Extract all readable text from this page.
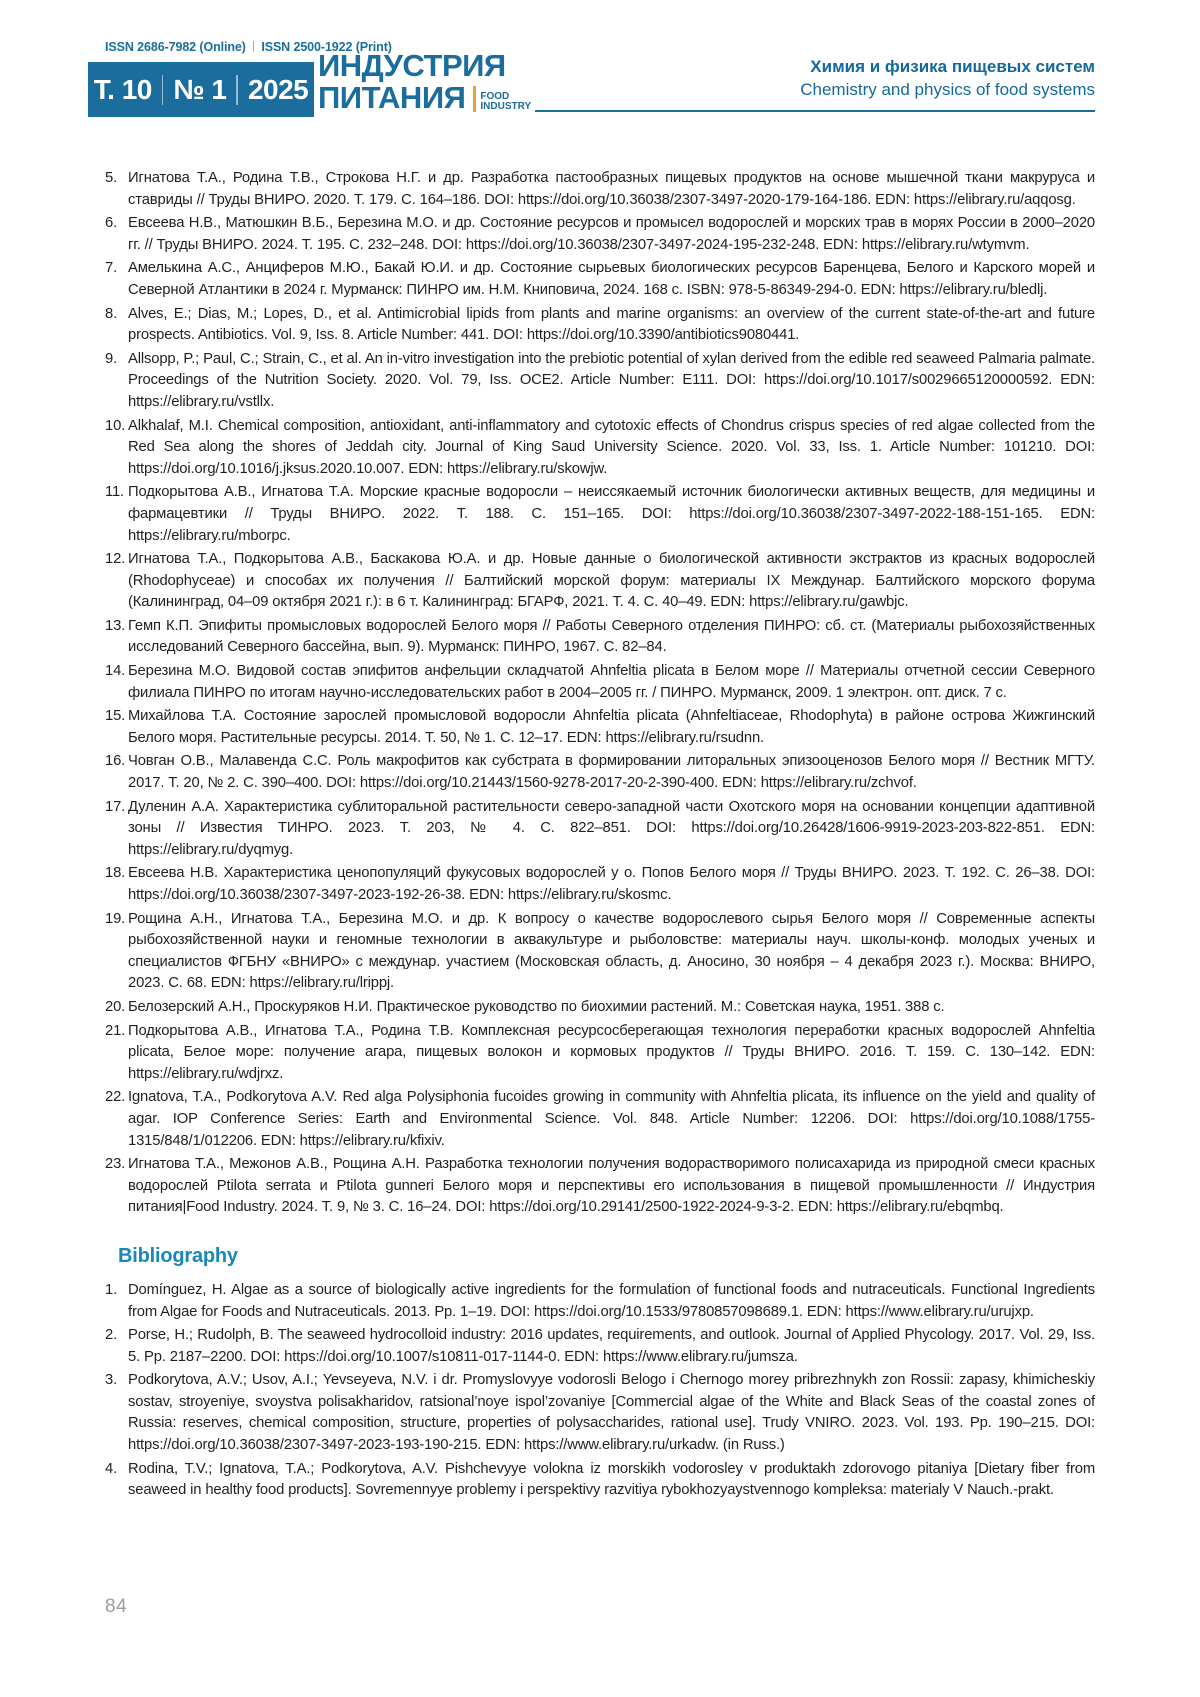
ISSN 2686-7982 (Online) ISSN 2500-1922 (Print)
Т. 10 № 1 2025
ИНДУСТРИЯ
ПИТАНИЯ FOOD
INDUSTRY
Химия и физика пищевых систем
Chemistry and physics of food systems
5. Игнатова Т.А., Родина Т.В., Строкова Н.Г. и др. Разработка пастообразных пищевых продуктов на основе мышечной ткани макруруса и ставриды // Труды ВНИРО. 2020. Т. 179. С. 164–186. DOI: https://doi.org/10.36038/2307-3497-2020-179-164-186. EDN: https://elibrary.ru/aqqosg.
6. Евсеева Н.В., Матюшкин В.Б., Березина М.О. и др. Состояние ресурсов и промысел водорослей и морских трав в морях России в 2000–2020 гг. // Труды ВНИРО. 2024. Т. 195. С. 232–248. DOI: https://doi.org/10.36038/2307-3497-2024-195-232-248. EDN: https://elibrary.ru/wtymvm.
7. Амелькина А.С., Анциферов М.Ю., Бакай Ю.И. и др. Состояние сырьевых биологических ресурсов Баренцева, Белого и Карского морей и Северной Атлантики в 2024 г. Мурманск: ПИНРО им. Н.М. Книповича, 2024. 168 с. ISBN: 978-5-86349-294-0. EDN: https://elibrary.ru/bledlj.
8. Alves, E.; Dias, M.; Lopes, D., et al. Antimicrobial lipids from plants and marine organisms: an overview of the current state-of-the-art and future prospects. Antibiotics. Vol. 9, Iss. 8. Article Number: 441. DOI: https://doi.org/10.3390/antibiotics9080441.
9. Allsopp, P.; Paul, C.; Strain, C., et al. An in-vitro investigation into the prebiotic potential of xylan derived from the edible red seaweed Palmaria palmate. Proceedings of the Nutrition Society. 2020. Vol. 79, Iss. OCE2. Article Number: E111. DOI: https://doi.org/10.1017/s0029665120000592. EDN: https://elibrary.ru/vstllx.
10. Alkhalaf, M.I. Chemical composition, antioxidant, anti-inflammatory and cytotoxic effects of Chondrus crispus species of red algae collected from the Red Sea along the shores of Jeddah city. Journal of King Saud University Science. 2020. Vol. 33, Iss. 1. Article Number: 101210. DOI: https://doi.org/10.1016/j.jksus.2020.10.007. EDN: https://elibrary.ru/skowjw.
11. Подкорытова А.В., Игнатова Т.А. Морские красные водоросли – неиссякаемый источник биологически активных веществ, для медицины и фармацевтики // Труды ВНИРО. 2022. Т. 188. С. 151–165. DOI: https://doi.org/10.36038/2307-3497-2022-188-151-165. EDN: https://elibrary.ru/mborpc.
12. Игнатова Т.А., Подкорытова А.В., Баскакова Ю.А. и др. Новые данные о биологической активности экстрактов из красных водорослей (Rhodophyceae) и способах их получения // Балтийский морской форум: материалы IX Междунар. Балтийского морского форума (Калининград, 04–09 октября 2021 г.): в 6 т. Калининград: БГАРФ, 2021. Т. 4. С. 40–49. EDN: https://elibrary.ru/gawbjc.
13. Гемп К.П. Эпифиты промысловых водорослей Белого моря // Работы Северного отделения ПИНРО: сб. ст. (Материалы рыбохозяйственных исследований Северного бассейна, вып. 9). Мурманск: ПИНРО, 1967. С. 82–84.
14. Березина М.О. Видовой состав эпифитов анфельции складчатой Ahnfeltia plicata в Белом море // Материалы отчетной сессии Северного филиала ПИНРО по итогам научно-исследовательских работ в 2004–2005 гг. / ПИНРО. Мурманск, 2009. 1 электрон. опт. диск. 7 с.
15. Михайлова Т.А. Состояние зарослей промысловой водоросли Ahnfeltia plicata (Ahnfeltiaceae, Rhodophyta) в районе острова Жижгинский Белого моря. Растительные ресурсы. 2014. Т. 50, № 1. С. 12–17. EDN: https://elibrary.ru/rsudnn.
16. Човган О.В., Малавенда С.С. Роль макрофитов как субстрата в формировании литоральных эпизооценозов Белого моря // Вестник МГТУ. 2017. Т. 20, № 2. С. 390–400. DOI: https://doi.org/10.21443/1560-9278-2017-20-2-390-400. EDN: https://elibrary.ru/zchvof.
17. Дуленин А.А. Характеристика сублиторальной растительности северо-западной части Охотского моря на основании концепции адаптивной зоны // Известия ТИНРО. 2023. Т. 203, № 4. С. 822–851. DOI: https://doi.org/10.26428/1606-9919-2023-203-822-851. EDN: https://elibrary.ru/dyqmyg.
18. Евсеева Н.В. Характеристика ценопопуляций фукусовых водорослей у о. Попов Белого моря // Труды ВНИРО. 2023. Т. 192. С. 26–38. DOI: https://doi.org/10.36038/2307-3497-2023-192-26-38. EDN: https://elibrary.ru/skosmc.
19. Рощина А.Н., Игнатова Т.А., Березина М.О. и др. К вопросу о качестве водорослевого сырья Белого моря // Современные аспекты рыбохозяйственной науки и геномные технологии в аквакультуре и рыболовстве: материалы науч. школы-конф. молодых ученых и специалистов ФГБНУ «ВНИРО» с междунар. участием (Московская область, д. Аносино, 30 ноября – 4 декабря 2023 г.). Москва: ВНИРО, 2023. С. 68. EDN: https://elibrary.ru/lrippj.
20. Белозерский А.Н., Проскуряков Н.И. Практическое руководство по биохимии растений. М.: Советская наука, 1951. 388 с.
21. Подкорытова А.В., Игнатова Т.А., Родина Т.В. Комплексная ресурсосберегающая технология переработки красных водорослей Ahnfeltia plicata, Белое море: получение агара, пищевых волокон и кормовых продуктов // Труды ВНИРО. 2016. Т. 159. С. 130–142. EDN: https://elibrary.ru/wdjrxz.
22. Ignatova, T.A., Podkorytova A.V. Red alga Polysiphonia fucoides growing in community with Ahnfeltia plicata, its influence on the yield and quality of agar. IOP Conference Series: Earth and Environmental Science. Vol. 848. Article Number: 12206. DOI: https://doi.org/10.1088/1755-1315/848/1/012206. EDN: https://elibrary.ru/kfixiv.
23. Игнатова Т.А., Межонов А.В., Рощина А.Н. Разработка технологии получения водорастворимого полисахарида из природной смеси красных водорослей Ptilota serrata и Ptilota gunneri Белого моря и перспективы его использования в пищевой промышленности // Индустрия питания|Food Industry. 2024. Т. 9, № 3. С. 16–24. DOI: https://doi.org/10.29141/2500-1922-2024-9-3-2. EDN: https://elibrary.ru/ebqmbq.
Bibliography
1. Domínguez, H. Algae as a source of biologically active ingredients for the formulation of functional foods and nutraceuticals. Functional Ingredients from Algae for Foods and Nutraceuticals. 2013. Pp. 1–19. DOI: https://doi.org/10.1533/9780857098689.1. EDN: https://www.elibrary.ru/urujxp.
2. Porse, H.; Rudolph, B. The seaweed hydrocolloid industry: 2016 updates, requirements, and outlook. Journal of Applied Phycology. 2017. Vol. 29, Iss. 5. Pp. 2187–2200. DOI: https://doi.org/10.1007/s10811-017-1144-0. EDN: https://www.elibrary.ru/jumsza.
3. Podkorytova, A.V.; Usov, A.I.; Yevseyeva, N.V. i dr. Promyslovyye vodorosli Belogo i Chernogo morey pribrezhnykh zon Rossii: zapasy, khimicheskiy sostav, stroyeniye, svoystva polisakharidov, ratsional’noye ispol’zovaniye [Commercial algae of the White and Black Seas of the coastal zones of Russia: reserves, chemical composition, structure, properties of polysaccharides, rational use]. Trudy VNIRO. 2023. Vol. 193. Pp. 190–215. DOI: https://doi.org/10.36038/2307-3497-2023-193-190-215. EDN: https://www.elibrary.ru/urkadw. (in Russ.)
4. Rodina, T.V.; Ignatova, T.A.; Podkorytova, A.V. Pishchevyye volokna iz morskikh vodorosley v produktakh zdorovogo pitaniya [Dietary fiber from seaweed in healthy food products]. Sovremennyye problemy i perspektivy razvitiya rybokhozyaystvennogo kompleksa: materialy V Nauch.-prakt.
84
